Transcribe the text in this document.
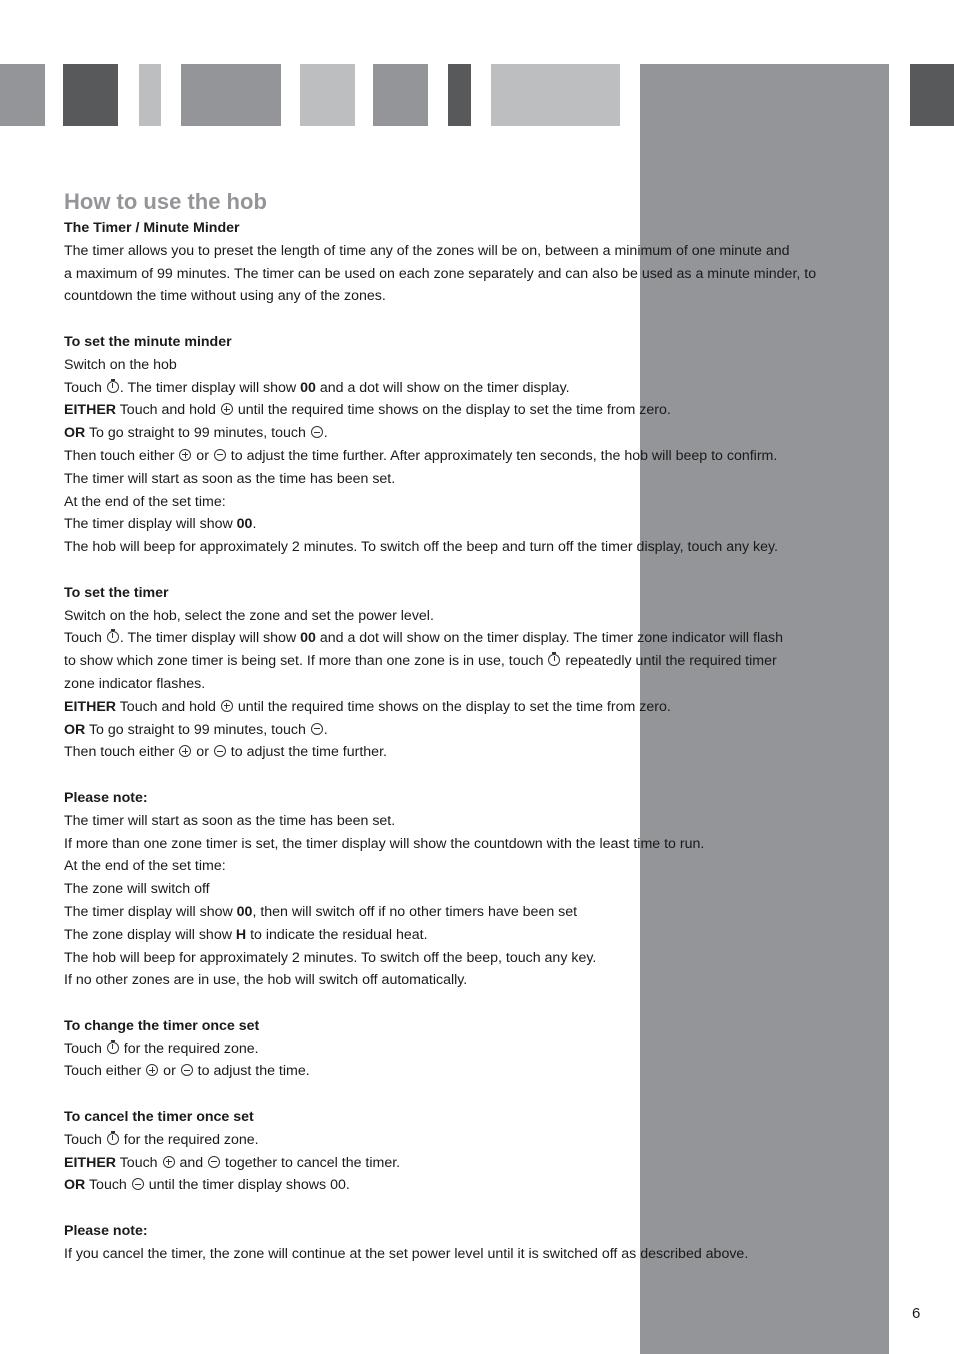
How to use the hob
The Timer / Minute Minder
The timer allows you to preset the length of time any of the zones will be on, between a minimum of one minute and
a maximum of 99 minutes. The timer can be used on each zone separately and can also be used as a minute minder, to
countdown the time without using any of the zones.
To set the minute minder
Switch on the hob
Touch . The timer display will show 00 and a dot will show on the timer display.
EITHER Touch and hold  until the required time shows on the display to set the time from zero.
OR To go straight to 99 minutes, touch .
Then touch either  or  to adjust the time further. After approximately ten seconds, the hob will beep to confirm.
The timer will start as soon as the time has been set.
At the end of the set time:
The timer display will show 00.
The hob will beep for approximately 2 minutes. To switch off the beep and turn off the timer display, touch any key.
To set the timer
Switch on the hob, select the zone and set the power level.
Touch . The timer display will show 00 and a dot will show on the timer display. The timer zone indicator will flash
to show which zone timer is being set. If more than one zone is in use, touch  repeatedly until the required timer
zone indicator flashes.
EITHER Touch and hold  until the required time shows on the display to set the time from zero.
OR To go straight to 99 minutes, touch .
Then touch either  or  to adjust the time further.
Please note:
The timer will start as soon as the time has been set.
If more than one zone timer is set, the timer display will show the countdown with the least time to run.
At the end of the set time:
The zone will switch off
The timer display will show 00, then will switch off if no other timers have been set
The zone display will show H to indicate the residual heat.
The hob will beep for approximately 2 minutes. To switch off the beep, touch any key.
If no other zones are in use, the hob will switch off automatically.
To change the timer once set
Touch  for the required zone.
Touch either  or  to adjust the time.
To cancel the timer once set
Touch  for the required zone.
EITHER Touch  and  together to cancel the timer.
OR Touch  until the timer display shows 00.
Please note:
If you cancel the timer, the zone will continue at the set power level until it is switched off as described above.
6
